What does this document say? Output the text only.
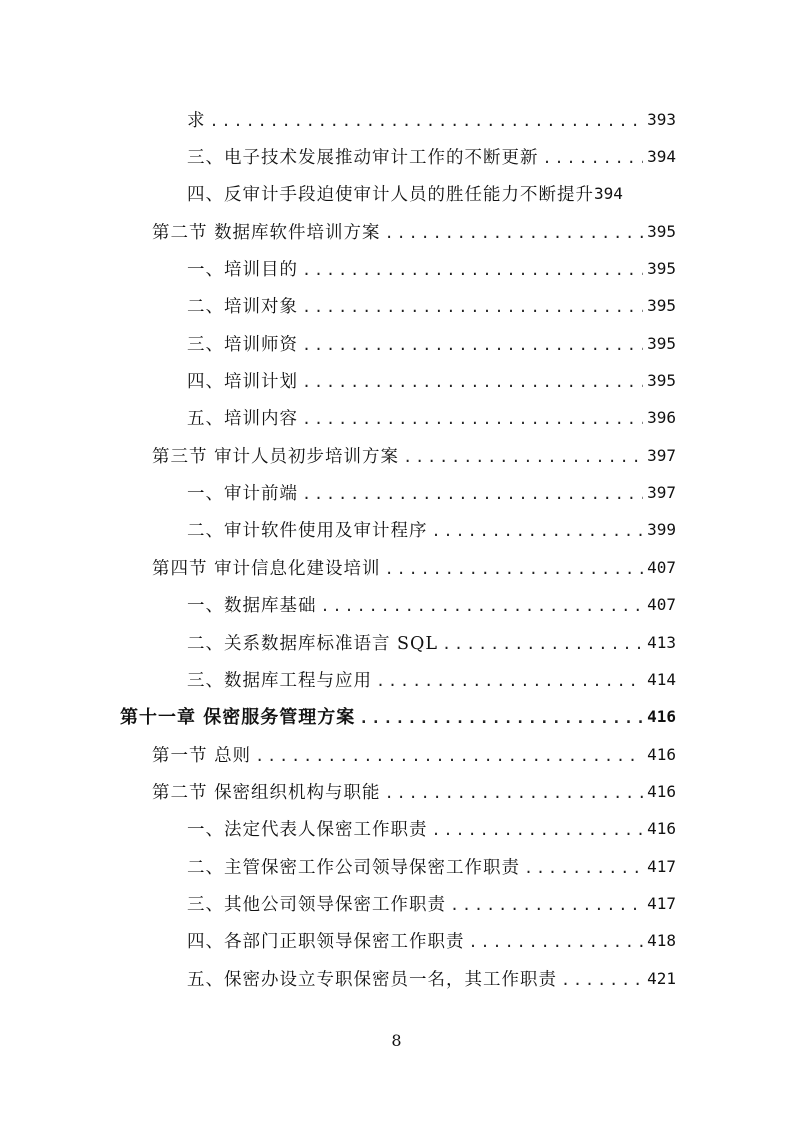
求 .....	393
三、电子技术发展推动审计工作的不断更新 .....	394
四、反审计手段迫使审计人员的胜任能力不断提升 394
第二节 数据库软件培训方案 .....	395
一、培训目的 .....	395
二、培训对象 .....	395
三、培训师资 .....	395
四、培训计划 .....	395
五、培训内容 .....	396
第三节 审计人员初步培训方案 .....	397
一、审计前端 .....	397
二、审计软件使用及审计程序 .....	399
第四节 审计信息化建设培训 .....	407
一、数据库基础 .....	407
二、关系数据库标准语言 SQL .....	413
三、数据库工程与应用 .....	414
第十一章 保密服务管理方案 .....	416
第一节 总则 .....	416
第二节 保密组织机构与职能 .....	416
一、法定代表人保密工作职责 .....	416
二、主管保密工作公司领导保密工作职责 .....	417
三、其他公司领导保密工作职责 .....	417
四、各部门正职领导保密工作职责 .....	418
五、保密办设立专职保密员一名，其工作职责 .....	421
8
